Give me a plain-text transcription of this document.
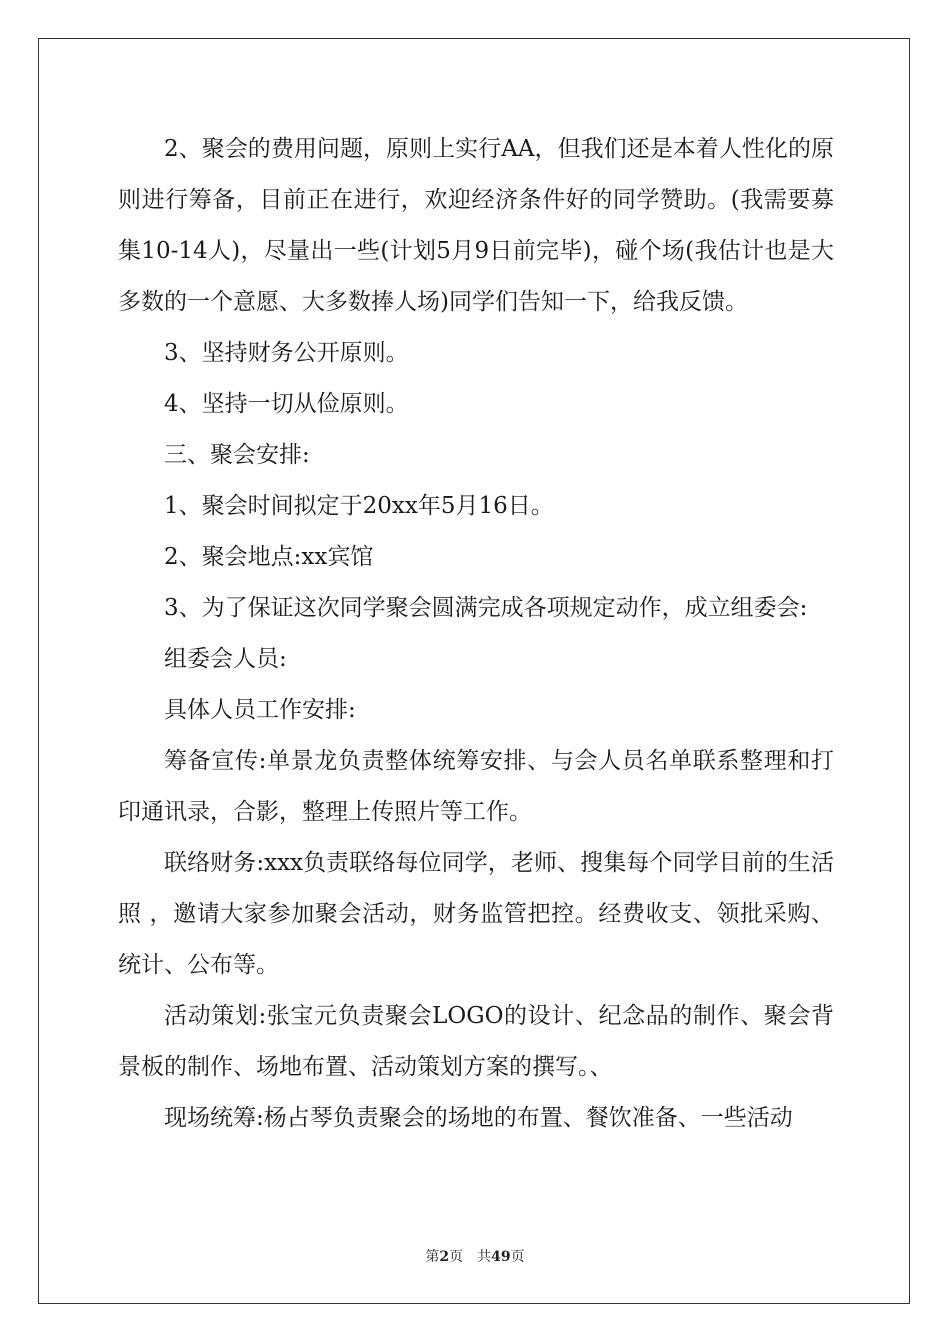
2、聚会的费用问题，原则上实行AA，但我们还是本着人性化的原则进行筹备，目前正在进行，欢迎经济条件好的同学赞助。(我需要募集10-14人)，尽量出一些(计划5月9日前完毕)，碰个场(我估计也是大多数的一个意愿、大多数捧人场)同学们告知一下，给我反馈。

3、坚持财务公开原则。

4、坚持一切从俭原则。

三、聚会安排:

1、聚会时间拟定于20xx年5月16日。

2、聚会地点:xx宾馆

3、为了保证这次同学聚会圆满完成各项规定动作，成立组委会:

组委会人员:

具体人员工作安排:

筹备宣传:单景龙负责整体统筹安排、与会人员名单联系整理和打印通讯录，合影，整理上传照片等工作。

联络财务:xxx负责联络每位同学，老师、搜集每个同学目前的生活照 ，邀请大家参加聚会活动，财务监管把控。经费收支、领批采购、统计、公布等。

活动策划:张宝元负责聚会LOGO的设计、纪念品的制作、聚会背景板的制作、场地布置、活动策划方案的撰写。、

现场统筹:杨占琴负责聚会的场地的布置、餐饮准备、一些活动

第2页 共49页
